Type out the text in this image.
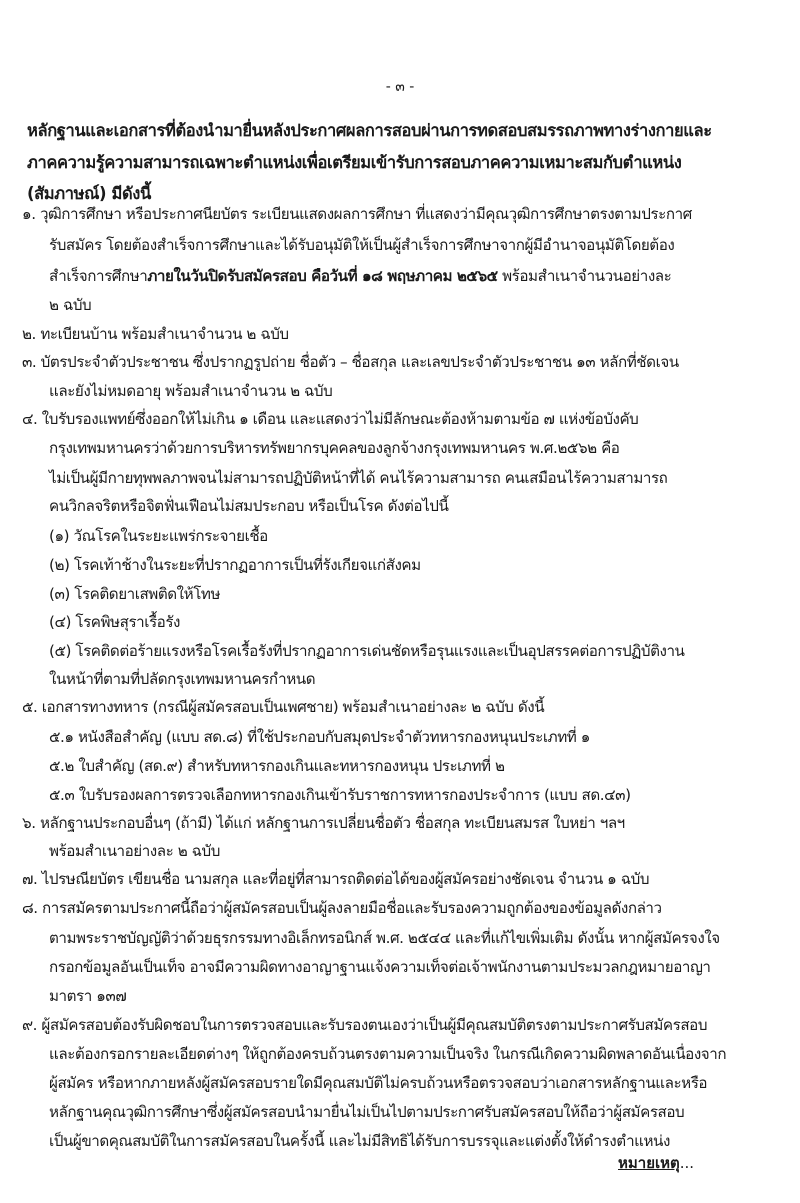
- ๓ -
หลักฐานและเอกสารที่ต้องนำมายื่นหลังประกาศผลการสอบผ่านการทดสอบสมรรถภาพทางร่างกายและ
ภาคความรู้ความสามารถเฉพาะตำแหน่งเพื่อเตรียมเข้ารับการสอบภาคความเหมาะสมกับตำแหน่ง
(สัมภาษณ์) มีดังนี้
๑. วุฒิการศึกษา หรือประกาศนียบัตร ระเบียนแสดงผลการศึกษา ที่แสดงว่ามีคุณวุฒิการศึกษาตรงตามประกาศ
รับสมัคร โดยต้องสำเร็จการศึกษาและได้รับอนุมัติให้เป็นผู้สำเร็จการศึกษาจากผู้มีอำนาจอนุมัติโดยต้อง
สำเร็จการศึกษาภายในวันปิดรับสมัครสอบ คือวันที่ ๑๘ พฤษภาคม ๒๕๖๕ พร้อมสำเนาจำนวนอย่างละ
๒ ฉบับ
๒. ทะเบียนบ้าน พร้อมสำเนาจำนวน ๒ ฉบับ
๓. บัตรประจำตัวประชาชน ซึ่งปรากฏรูปถ่าย ชื่อตัว – ชื่อสกุล และเลขประจำตัวประชาชน ๑๓ หลักที่ชัดเจน
และยังไม่หมดอายุ พร้อมสำเนาจำนวน ๒ ฉบับ
๔. ใบรับรองแพทย์ซึ่งออกให้ไม่เกิน ๑ เดือน และแสดงว่าไม่มีลักษณะต้องห้ามตามข้อ ๗ แห่งข้อบังคับ
กรุงเทพมหานครว่าด้วยการบริหารทรัพยากรบุคคลของลูกจ้างกรุงเทพมหานคร พ.ศ.๒๕๖๒ คือ
ไม่เป็นผู้มีกายทุพพลภาพจนไม่สามารถปฏิบัติหน้าที่ได้ คนไร้ความสามารถ คนเสมือนไร้ความสามารถ
คนวิกลจริตหรือจิตฟั่นเฟือนไม่สมประกอบ หรือเป็นโรค ดังต่อไปนี้
(๑) วัณโรคในระยะแพร่กระจายเชื้อ
(๒) โรคเท้าช้างในระยะที่ปรากฏอาการเป็นที่รังเกียจแก่สังคม
(๓) โรคติดยาเสพติดให้โทษ
(๔) โรคพิษสุราเรื้อรัง
(๕) โรคติดต่อร้ายแรงหรือโรคเรื้อรังที่ปรากฏอาการเด่นชัดหรือรุนแรงและเป็นอุปสรรคต่อการปฏิบัติงาน
ในหน้าที่ตามที่ปลัดกรุงเทพมหานครกำหนด
๕. เอกสารทางทหาร (กรณีผู้สมัครสอบเป็นเพศชาย) พร้อมสำเนาอย่างละ ๒ ฉบับ ดังนี้
๕.๑ หนังสือสำคัญ (แบบ สด.๘) ที่ใช้ประกอบกับสมุดประจำตัวทหารกองหนุนประเภทที่ ๑
๕.๒ ใบสำคัญ (สด.๙) สำหรับทหารกองเกินและทหารกองหนุน ประเภทที่ ๒
๕.๓ ใบรับรองผลการตรวจเลือกทหารกองเกินเข้ารับราชการทหารกองประจำการ (แบบ สด.๔๓)
๖. หลักฐานประกอบอื่นๆ (ถ้ามี) ได้แก่ หลักฐานการเปลี่ยนชื่อตัว ชื่อสกุล ทะเบียนสมรส ใบหย่า ฯลฯ
พร้อมสำเนาอย่างละ ๒ ฉบับ
๗. ไปรษณียบัตร เขียนชื่อ นามสกุล และที่อยู่ที่สามารถติดต่อได้ของผู้สมัครอย่างชัดเจน จำนวน ๑ ฉบับ
๘. การสมัครตามประกาศนี้ถือว่าผู้สมัครสอบเป็นผู้ลงลายมือชื่อและรับรองความถูกต้องของข้อมูลดังกล่าว
ตามพระราชบัญญัติว่าด้วยธุรกรรมทางอิเล็กทรอนิกส์ พ.ศ. ๒๕๔๔ และที่แก้ไขเพิ่มเติม ดังนั้น หากผู้สมัครจงใจ
กรอกข้อมูลอันเป็นเท็จ อาจมีความผิดทางอาญาฐานแจ้งความเท็จต่อเจ้าพนักงานตามประมวลกฎหมายอาญา
มาตรา ๑๓๗
๙. ผู้สมัครสอบต้องรับผิดชอบในการตรวจสอบและรับรองตนเองว่าเป็นผู้มีคุณสมบัติตรงตามประกาศรับสมัครสอบ
และต้องกรอกรายละเอียดต่างๆ ให้ถูกต้องครบถ้วนตรงตามความเป็นจริง ในกรณีเกิดความผิดพลาดอันเนื่องจาก
ผู้สมัคร หรือหากภายหลังผู้สมัครสอบรายใดมีคุณสมบัติไม่ครบถ้วนหรือตรวจสอบว่าเอกสารหลักฐานและหรือ
หลักฐานคุณวุฒิการศึกษาซึ่งผู้สมัครสอบนำมายื่นไม่เป็นไปตามประกาศรับสมัครสอบให้ถือว่าผู้สมัครสอบ
เป็นผู้ขาดคุณสมบัติในการสมัครสอบในครั้งนี้ และไม่มีสิทธิได้รับการบรรจุและแต่งตั้งให้ดำรงตำแหน่ง
หมายเหตุ...
